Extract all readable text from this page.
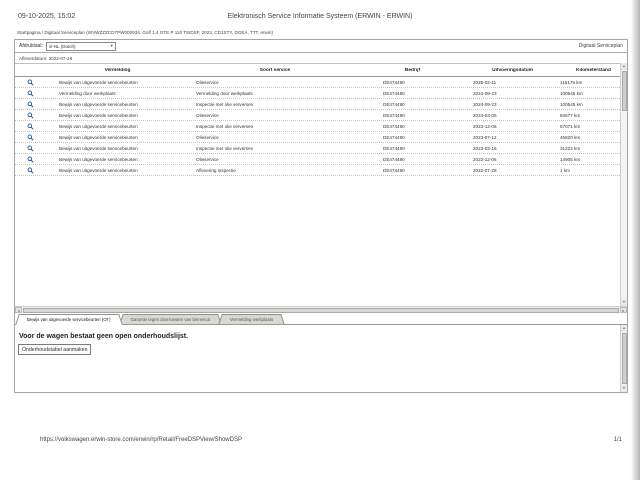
09-10-2025, 15:02	Elektronisch Service Informatie Systeem (ERWIN - ERWIN)
Startpagina / Digitaal Serviceplan (WVWZZZCD7PW000934, Golf 1.4 GTE P 110 TSIDSF, 2023, CD1STY, DGEA, TTT, erwin)
Afdruktaal: nl-NL (Dutch)	▾	Digitaal Serviceplan
Afleverdatum: 2022-07-28
Vermelding	Soort service	Bedrijf	Uitvoeringsdatum	Kilometerstand
Bewijs van uitgevoerde servicebeurten	Olieservice	DE474490	2025-02-11	115175 km
Vermelding door werkplaats	Vermelding door werkplaats	DE474490	2024-09-23	100545 km
Bewijs van uitgevoerde servicebeurten	Inspectie met olie verversen	DE474490	2024-09-23	100545 km
Bewijs van uitgevoerde servicebeurten	Olieservice	DE474490	2024-03-05	84577 km
Bewijs van uitgevoerde servicebeurten	Inspectie met olie verversen	DE474490	2023-12-06	67071 km
Bewijs van uitgevoerde servicebeurten	Olieservice	DE474490	2023-07-12	45820 km
Bewijs van uitgevoerde servicebeurten	Inspectie met olie verversen	DE474490	2023-03-16	31222 km
Bewijs van uitgevoerde servicebeurten	Olieservice	DE474490	2022-12-06	14905 km
Bewijs van uitgevoerde servicebeurten	Aflevering inspectie	DE474490	2022-07-28	1 km
▲
▼
◄	►
Bewijs van uitgevoerde servicebeurten (OT)	Garantie tegen doorroesten van binnenuit	Vermelding werkplaats
Voor de wagen bestaat geen open onderhoudslijst.
Onderhoudstabel aanmaken
▲
▼
https://volkswagen.erwin-store.com/erwin/rp/Retail/FreeDSPView/ShowDSP	1/1
